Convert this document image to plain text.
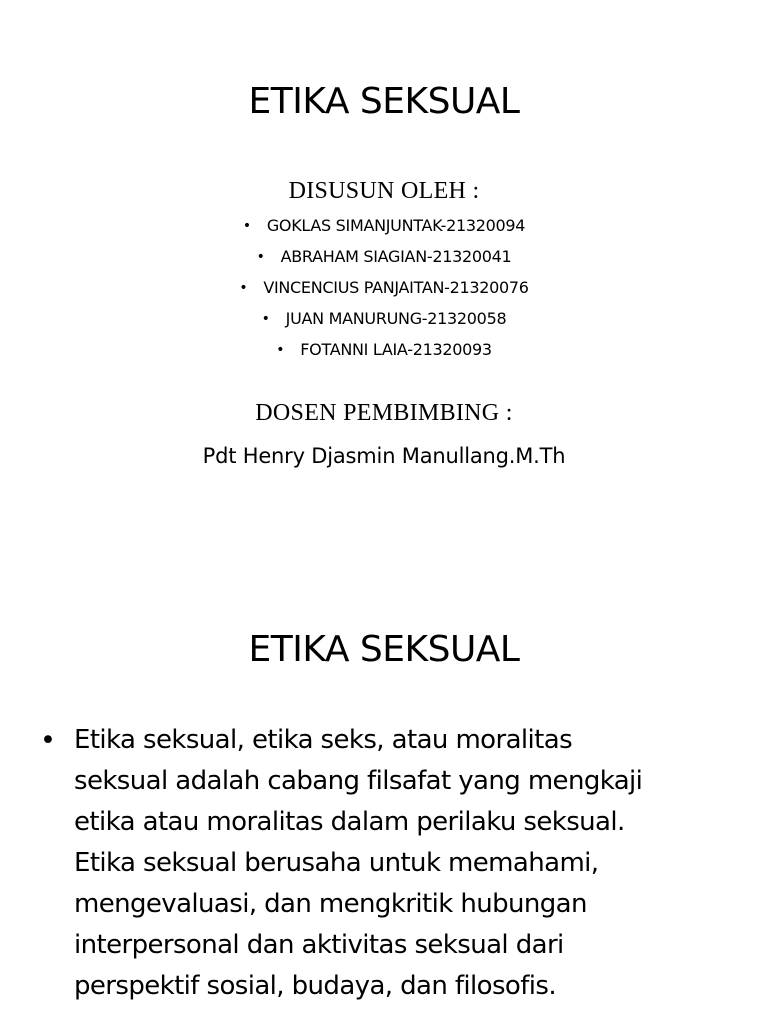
ETIKA SEKSUAL
DISUSUN OLEH :
•	GOKLAS SIMANJUNTAK-21320094
•	ABRAHAM SIAGIAN-21320041
•	VINCENCIUS PANJAITAN-21320076
•	JUAN MANURUNG-21320058
•	FOTANNI LAIA-21320093
DOSEN PEMBIMBING :
Pdt Henry Djasmin Manullang.M.Th
ETIKA SEKSUAL
• Etika seksual, etika seks, atau moralitas
seksual adalah cabang filsafat yang mengkaji
etika atau moralitas dalam perilaku seksual.
Etika seksual berusaha untuk memahami,
mengevaluasi, dan mengkritik hubungan
interpersonal dan aktivitas seksual dari
perspektif sosial, budaya, dan filosofis.
